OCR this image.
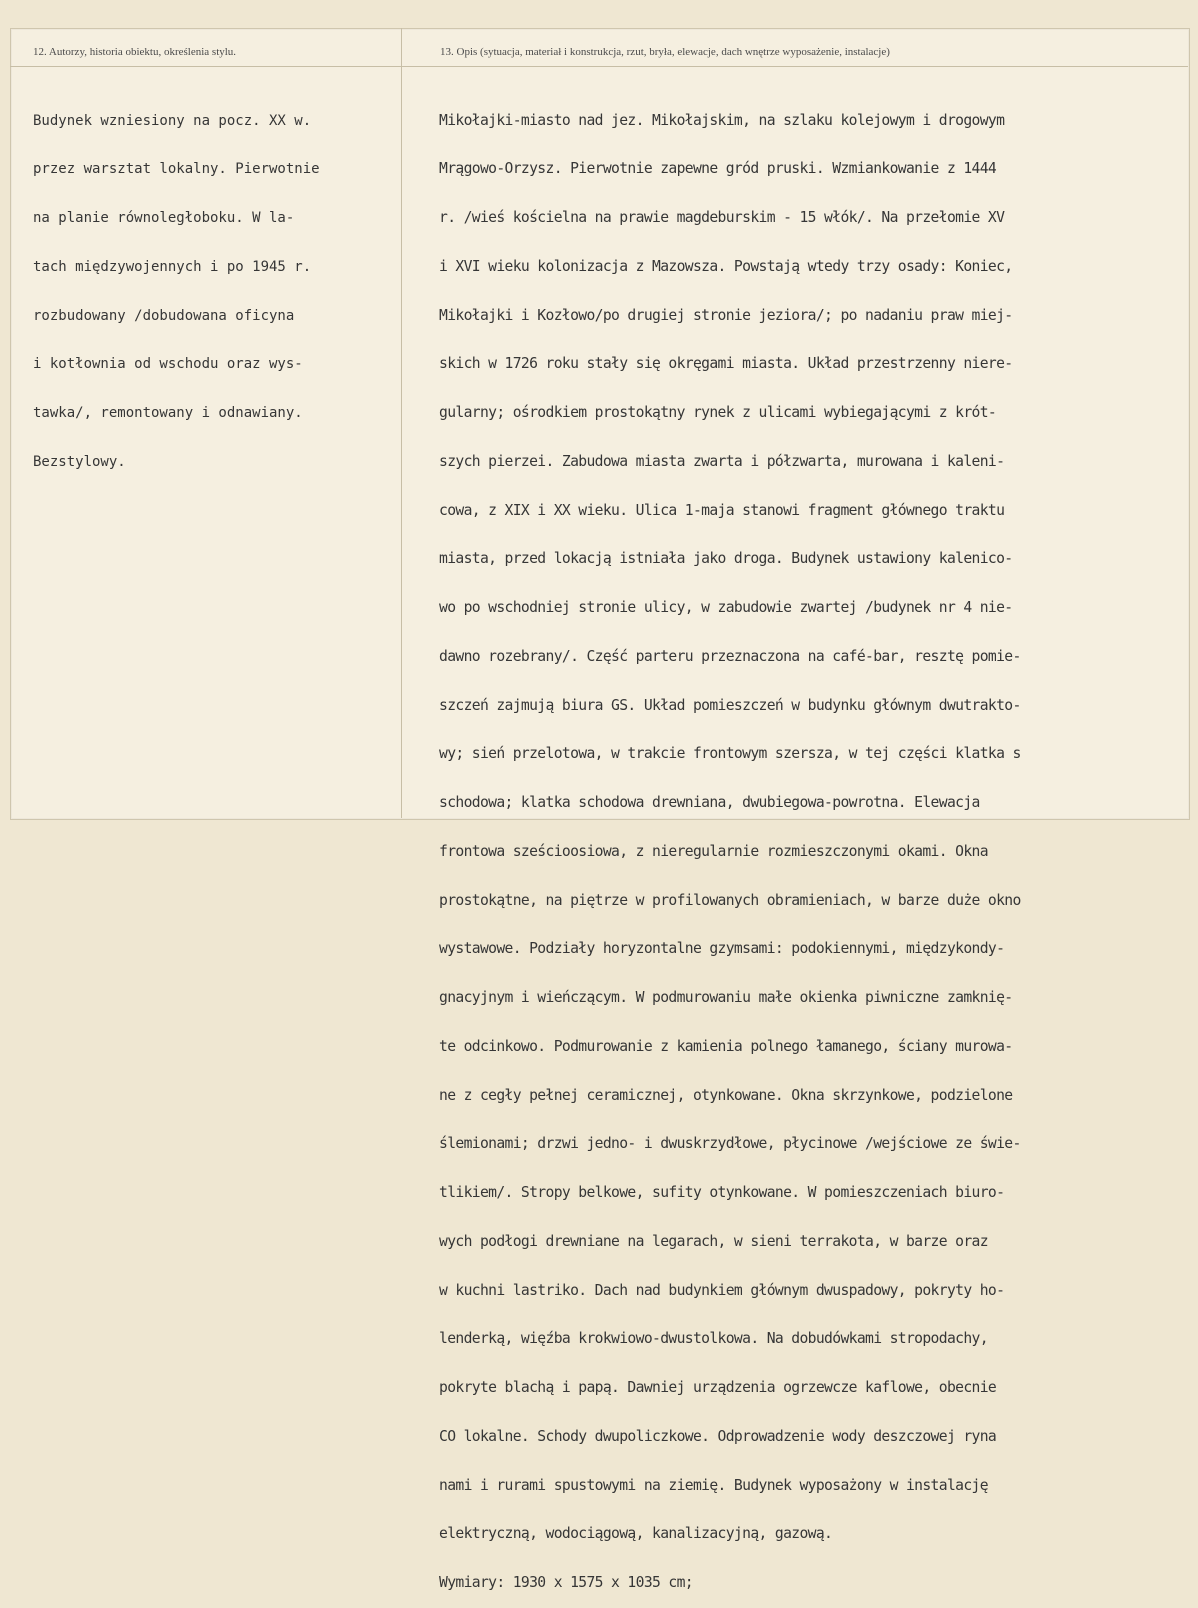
12. Autorzy, historia obiektu, określenia stylu.	13. Opis (sytuacja, materiał i konstrukcja, rzut, bryła, elewacje, dach wnętrze wyposażenie, instalacje)

Budynek wzniesiony na pocz. XX w.

przez warsztat lokalny. Pierwotnie

na planie równoległoboku. W la-

tach międzywojennych i po 1945 r.

rozbudowany /dobudowana oficyna

i kotłownia od wschodu oraz wys-

tawka/, remontowany i odnawiany.

Bezstylowy.

Mikołajki-miasto nad jez. Mikołajskim, na szlaku kolejowym i drogowym

Mrągowo-Orzysz. Pierwotnie zapewne gród pruski. Wzmiankowanie z 1444

r. /wieś kościelna na prawie magdeburskim - 15 włók/. Na przełomie XV

i XVI wieku kolonizacja z Mazowsza. Powstają wtedy trzy osady: Koniec,

Mikołajki i Kozłowo/po drugiej stronie jeziora/; po nadaniu praw miej-

skich w 1726 roku stały się okręgami miasta. Układ przestrzenny niere-

gularny; ośrodkiem prostokątny rynek z ulicami wybiegającymi z krót-

szych pierzei. Zabudowa miasta zwarta i półzwarta, murowana i kaleni-

cowa, z XIX i XX wieku. Ulica 1-maja stanowi fragment głównego traktu

miasta, przed lokacją istniała jako droga. Budynek ustawiony kalenico-

wo po wschodniej stronie ulicy, w zabudowie zwartej /budynek nr 4 nie-

dawno rozebrany/. Część parteru przeznaczona na café-bar, resztę pomie-

szczeń zajmują biura GS. Układ pomieszczeń w budynku głównym dwutrakto-

wy; sień przelotowa, w trakcie frontowym szersza, w tej części klatka s

schodowa; klatka schodowa drewniana, dwubiegowa-powrotna. Elewacja

frontowa sześcioosiowa, z nieregularnie rozmieszczonymi okami. Okna

prostokątne, na piętrze w profilowanych obramieniach, w barze duże okno

wystawowe. Podziały horyzontalne gzymsami: podokiennymi, międzykondy-

gnacyjnym i wieńczącym. W podmurowaniu małe okienka piwniczne zamknię-

te odcinkowo. Podmurowanie z kamienia polnego łamanego, ściany murowa-

ne z cegły pełnej ceramicznej, otynkowane. Okna skrzynkowe, podzielone

ślemionami; drzwi jedno- i dwuskrzydłowe, płycinowe /wejściowe ze świe-

tlikiem/. Stropy belkowe, sufity otynkowane. W pomieszczeniach biuro-

wych podłogi drewniane na legarach, w sieni terrakota, w barze oraz

w kuchni lastriko. Dach nad budynkiem głównym dwuspadowy, pokryty ho-

lenderką, więźba krokwiowo-dwustolkowa. Na dobudówkami stropodachy,

pokryte blachą i papą. Dawniej urządzenia ogrzewcze kaflowe, obecnie

CO lokalne. Schody dwupoliczkowe. Odprowadzenie wody deszczowej ryna

nami i rurami spustowymi na ziemię. Budynek wyposażony w instalację

elektryczną, wodociągową, kanalizacyjną, gazową.

Wymiary: 1930 x 1575 x 1035 cm;
